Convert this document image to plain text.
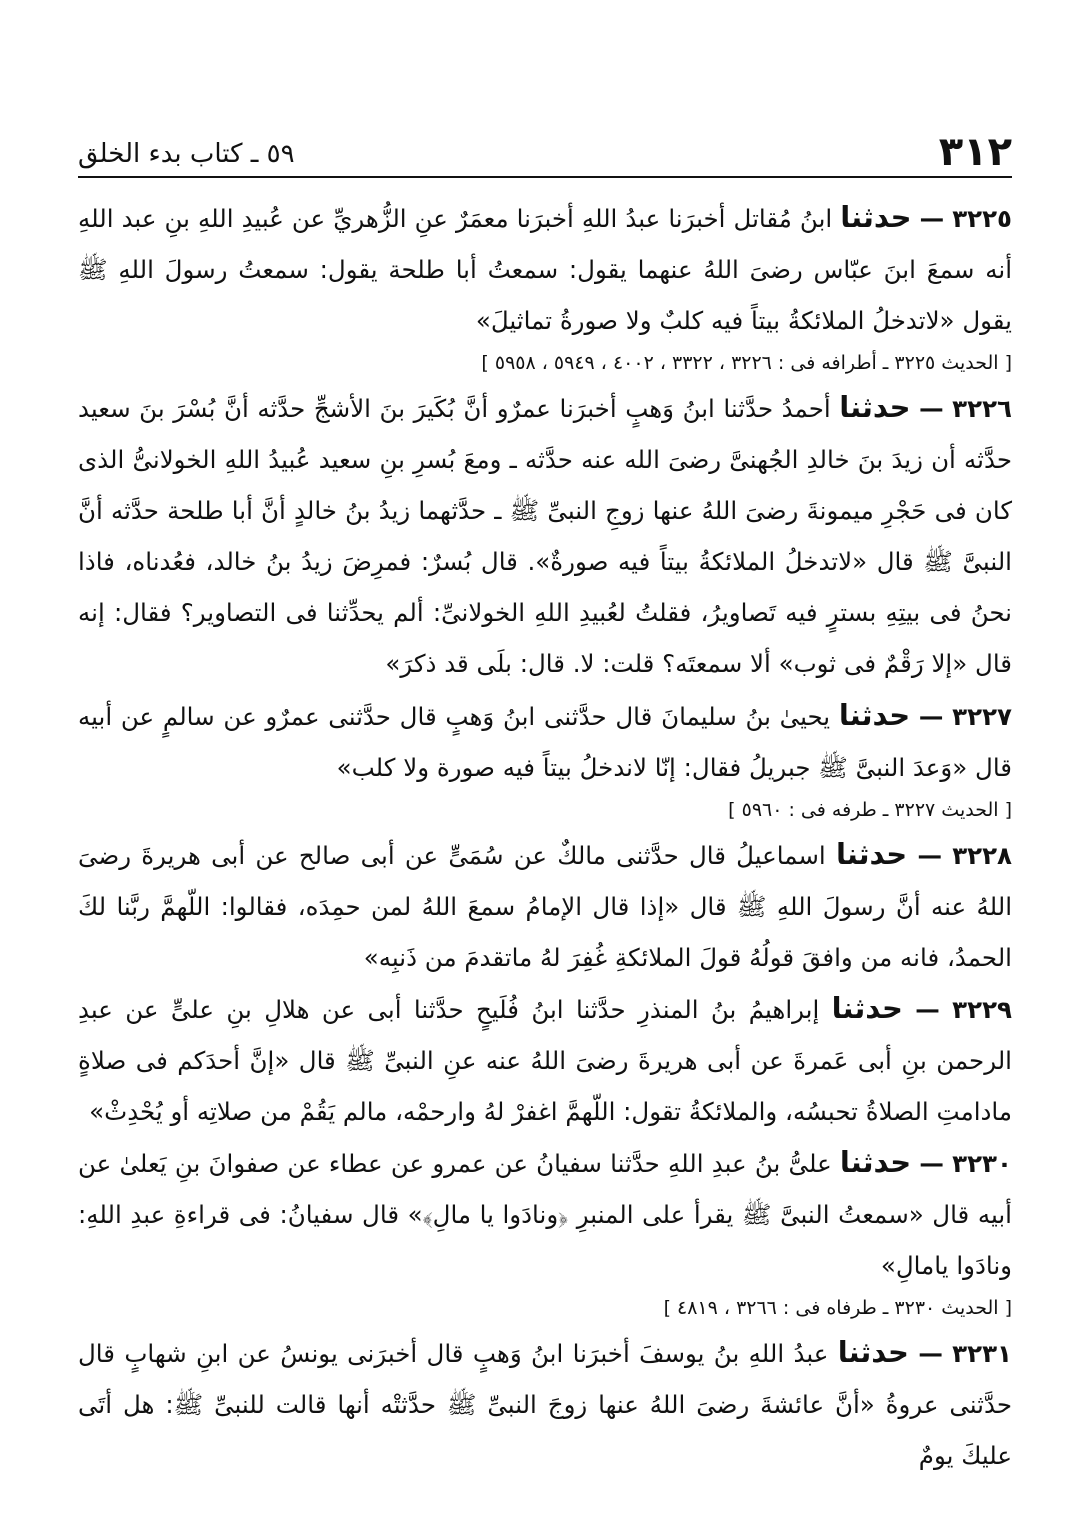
٣١٢
٥٩ ـ كتاب بدء الخلق

٣٢٢٥ — حدثنا ابنُ مُقاتل أخبرَنا عبدُ اللهِ أخبرَنا معمَرٌ عنِ الزُّهريِّ عن عُبيدِ اللهِ بنِ عبد اللهِ أنه سمعَ ابنَ عبّاس رضىَ اللهُ عنهما يقول: سمعتُ أبا طلحة يقول: سمعتُ رسولَ اللهِ ﷺ يقول «لاتدخلُ الملائكةُ بيتاً فيه كلبٌ ولا صورةُ تماثيلَ»

[ الحديث ٣٢٢٥ ـ أطرافه فى : ٣٢٢٦ ، ٣٣٢٢ ، ٤٠٠٢ ، ٥٩٤٩ ، ٥٩٥٨ ]

٣٢٢٦ — حدثنا أحمدُ حدَّثنا ابنُ وَهبٍ أخبرَنا عمرٌو أنَّ بُكَيرَ بنَ الأشجِّ حدَّثه أنَّ بُسْرَ بنَ سعيد حدَّثه أن زيدَ بنَ خالدِ الجُهنىَّ رضىَ الله عنه حدَّثه ـ ومعَ بُسرِ بنِ سعيد عُبيدُ اللهِ الخولانىُّ الذى كان فى حَجْرِ ميمونةَ رضىَ اللهُ عنها زوجِ النبىِّ ﷺ ـ حدَّثهما زيدُ بنُ خالدٍ أنَّ أبا طلحة حدَّثه أنَّ النبىَّ ﷺ قال «لاتدخلُ الملائكةُ بيتاً فيه صورةٌ». قال بُسرٌ: فمرِضَ زيدُ بنُ خالد، فعُدناه، فاذا نحنُ فى بيتِهِ بسترٍ فيه تَصاويرُ، فقلتُ لعُبيدِ اللهِ الخولانىِّ: ألم يحدِّثنا فى التصاوير؟ فقال: إنه قال «إلا رَقْمٌ فى ثوب» ألا سمعتَه؟ قلت: لا. قال: بلَى قد ذكرَ»

٣٢٢٧ — حدثنا يحيىٰ بنُ سليمانَ قال حدَّثنى ابنُ وَهبٍ قال حدَّثنى عمرٌو عن سالمٍ عن أبيه قال «وَعدَ النبىَّ ﷺ جبريلُ فقال: إنّا لاندخلُ بيتاً فيه صورة ولا كلب»

[ الحديث ٣٢٢٧ ـ طرفه فى : ٥٩٦٠ ]

٣٢٢٨ — حدثنا اسماعيلُ قال حدَّثنى مالكٌ عن سُمَىٍّ عن أبى صالح عن أبى هريرةَ رضىَ اللهُ عنه أنَّ رسولَ اللهِ ﷺ قال «إذا قال الإمامُ سمعَ اللهُ لمن حمِدَه، فقالوا: اللّهمَّ ربَّنا لكَ الحمدُ، فانه من وافقَ قولُهُ قولَ الملائكةِ غُفِرَ لهُ ماتقدمَ من ذَنبِه»

٣٢٢٩ — حدثنا إبراهيمُ بنُ المنذرِ حدَّثنا ابنُ فُلَيحٍ حدَّثنا أبى عن هلالِ بنِ علىٍّ عن عبدِ الرحمن بنِ أبى عَمرةَ عن أبى هريرةَ رضىَ اللهُ عنه عنِ النبىِّ ﷺ قال «إنَّ أحدَكم فى صلاةٍ مادامتِ الصلاةُ تحبسُه، والملائكةُ تقول: اللّهمَّ اغفرْ لهُ وارحمْه، مالم يَقُمْ من صلاتِه أو يُحْدِثْ»

٣٢٣٠ — حدثنا علىُّ بنُ عبدِ اللهِ حدَّثنا سفيانُ عن عمرو عن عطاء عن صفوانَ بنِ يَعلىٰ عن أبيه قال «سمعتُ النبىَّ ﷺ يقرأ على المنبرِ ﴿ونادَوا يا مالِ﴾» قال سفيانُ: فى قراءةِ عبدِ اللهِ: ونادَوا يامالِ»

[ الحديث ٣٢٣٠ ـ طرفاه فى : ٣٢٦٦ ، ٤٨١٩ ]

٣٢٣١ — حدثنا عبدُ اللهِ بنُ يوسفَ أخبرَنا ابنُ وَهبٍ قال أخبرَنى يونسُ عن ابنِ شهابٍ قال حدَّثنى عروةُ «أنَّ عائشةَ رضىَ اللهُ عنها زوجَ النبىِّ ﷺ حدَّثتْه أنها قالت للنبىِّ ﷺ: هل أتَى عليكَ يومٌ
